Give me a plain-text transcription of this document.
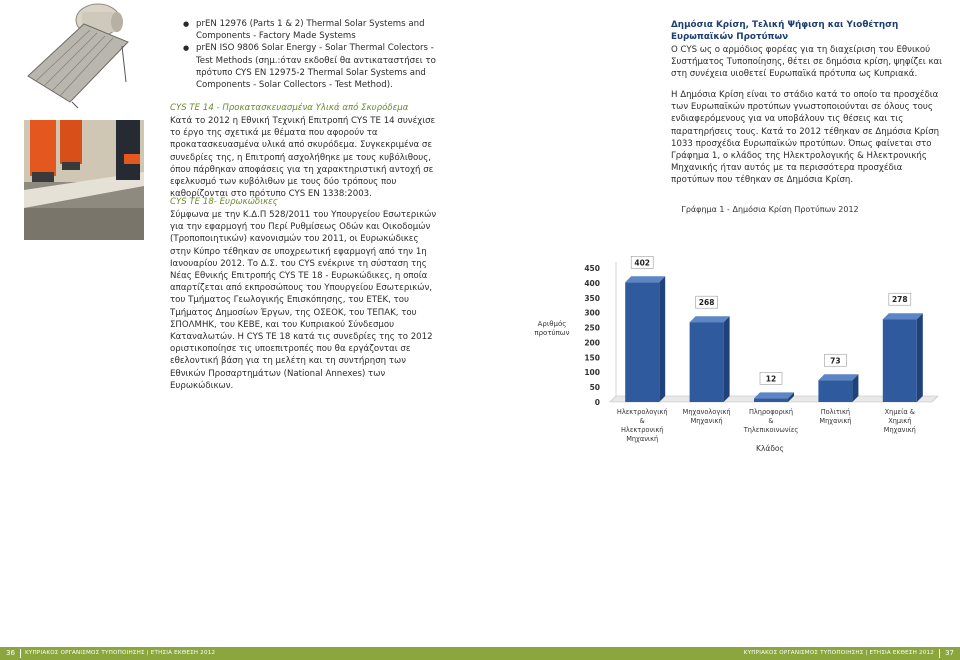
● prEN 12976 (Parts 1 & 2) Thermal Solar Systems and Components - Factory Made Systems
● prEN ISO 9806 Solar Energy - Solar Thermal Colectors - Test Methods (σημ.:όταν εκδοθεί θα αντικαταστήσει το πρότυπο CYS EN 12975-2 Thermal Solar Systems and Components - Solar Collectors - Test Method).
CYS TE 14 - Προκατασκευασμένα Υλικά από Σκυρόδεμα
Κατά το 2012 η Εθνική Τεχνική Επιτροπή CYS TE 14 συνέχισε το έργο της σχετικά με θέματα που αφορούν τα προκατασκευασμένα υλικά από σκυρόδεμα. Συγκεκριμένα σε συνεδρίες της, η Επιτροπή ασχολήθηκε με τους κυβόλιθους, όπου πάρθηκαν αποφάσεις για τη χαρακτηριστική αντοχή σε εφελκυσμό των κυβόλιθων με τους δύο τρόπους που καθορίζονται στο πρότυπο CYS EN 1338:2003.
CYS TE 18- Ευρωκώδικες
Σύμφωνα με την Κ.Δ.Π 528/2011 του Υπουργείου Εσωτερικών για την εφαρμογή του Περί Ρυθμίσεως Οδών και Οικοδομών (Τροποποιητικών) κανονισμών του 2011, οι Ευρωκώδικες στην Κύπρο τέθηκαν σε υποχρεωτική εφαρμογή από την 1η Ιανουαρίου 2012. Το Δ.Σ. του CYS ενέκρινε τη σύσταση της Νέας Εθνικής Επιτροπής CYS TE 18 - Ευρωκώδικες, η οποία απαρτίζεται από εκπροσώπους του Υπουργείου Εσωτερικών, του Τμήματος Γεωλογικής Επισκόπησης, του ΕΤΕΚ, του Τμήματος Δημοσίων Έργων, της ΟΣΕΟΚ, του ΤΕΠΑΚ, του ΣΠΟΛΜΗΚ, του ΚΕΒΕ, και του Κυπριακού Σύνδεσμου Καταναλωτών. Η CYS TE 18 κατά τις συνεδρίες της το 2012 οριστικοποίησε τις υποεπιτροπές που θα εργάζονται σε εθελοντική βάση για τη μελέτη και τη συντήρηση των Εθνικών Προσαρτημάτων (National Annexes) των Ευρωκώδικων.
Δημόσια Κρίση, Τελική Ψήφιση και Υιοθέτηση Ευρωπαϊκών Προτύπων
Ο CYS ως ο αρμόδιος φορέας για τη διαχείριση του Εθνικού Συστήματος Τυποποίησης, θέτει σε δημόσια κρίση, ψηφίζει και στη συνέχεια υιοθετεί Ευρωπαϊκά πρότυπα ως Κυπριακά.
Η Δημόσια Κρίση είναι το στάδιο κατά το οποίο τα προσχέδια των Ευρωπαϊκών προτύπων γνωστοποιούνται σε όλους τους ενδιαφερόμενους για να υποβάλουν τις θέσεις και τις παρατηρήσεις τους. Κατά το 2012 τέθηκαν σε Δημόσια Κρίση 1033 προσχέδια Ευρωπαϊκών προτύπων. Όπως φαίνεται στο Γράφημα 1, ο κλάδος της Ηλεκτρολογικής & Ηλεκτρονικής Μηχανικής ήταν αυτός με τα περισσότερα προσχέδια προτύπων που τέθηκαν σε Δημόσια Κρίση.
Γράφημα 1 - Δημόσια Κρίση Προτύπων 2012
0
50
100
150
200
250
300
350
400
450
Αριθμός
προτύπων
402
Ηλεκτρολογική
&
Ηλεκτρονική
Μηχανική
268
Μηχανολογική
Μηχανική
12
Πληροφορική
&
Τηλεπικοινωνίες
73
Πολιτική
Μηχανική
278
Χημεία &
Χημική
Μηχανική
Κλάδος
36 ΚΥΠΡΙΑΚΟΣ ΟΡΓΑΝΙΣΜΟΣ ΤΥΠΟΠΟΙΗΣΗΣ | ΕΤΗΣΙΑ ΕΚΘΕΣΗ 2012	ΚΥΠΡΙΑΚΟΣ ΟΡΓΑΝΙΣΜΟΣ ΤΥΠΟΠΟΙΗΣΗΣ | ΕΤΗΣΙΑ ΕΚΘΕΣΗ 2012 37
